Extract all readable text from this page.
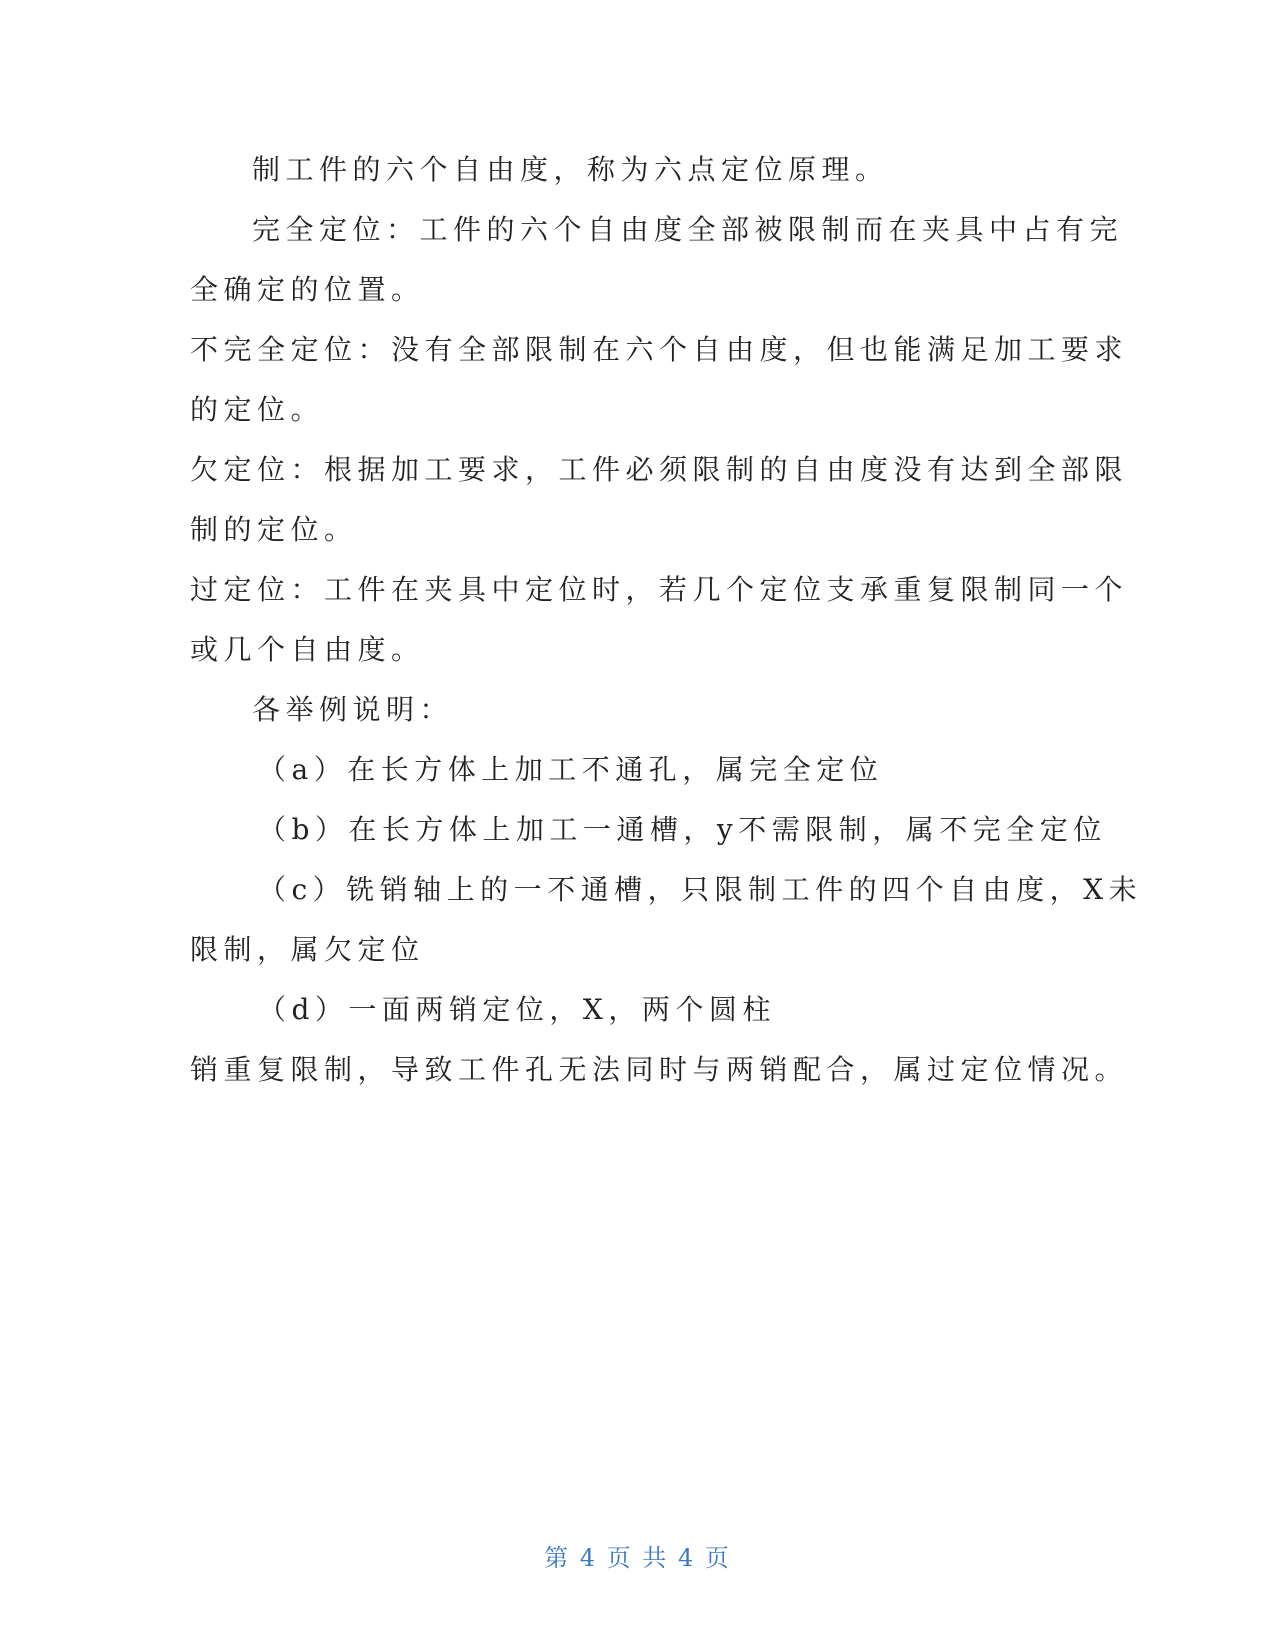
制工件的六个自由度，称为六点定位原理。
完全定位：工件的六个自由度全部被限制而在夹具中占有完
全确定的位置。
不完全定位：没有全部限制在六个自由度，但也能满足加工要求
的定位。
欠定位：根据加工要求，工件必须限制的自由度没有达到全部限
制的定位。
过定位：工件在夹具中定位时，若几个定位支承重复限制同一个
或几个自由度。
各举例说明：
（a）在长方体上加工不通孔，属完全定位
（b）在长方体上加工一通槽，y不需限制，属不完全定位
（c）铣销轴上的一不通槽，只限制工件的四个自由度，X未
限制，属欠定位
（d）一面两销定位，X，两个圆柱
销重复限制，导致工件孔无法同时与两销配合，属过定位情况。
第 4 页 共 4 页
